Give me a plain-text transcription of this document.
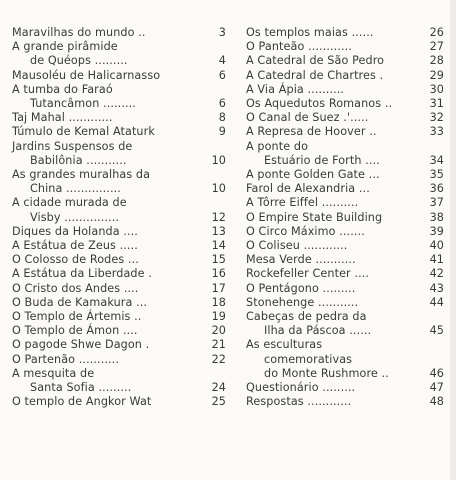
Maravilhas do mundo ..	3
A grande pirâmide
de Quéops .........	4
Mausoléu de Halicarnasso	6
A tumba do Faraó
Tutancâmon .........	6
Taj Mahal ............	8
Túmulo de Kemal Ataturk	9
Jardins Suspensos de
Babilônia ...........	10
As grandes muralhas da
China ...............	10
A cidade murada de
Visby ...............	12
Diques da Holanda ....	13
A Estátua de Zeus .....	14
O Colosso de Rodes ...	15
A Estátua da Liberdade .	16
O Cristo dos Andes ....	17
O Buda de Kamakura ...	18
O Templo de Ártemis ..	19
O Templo de Ámon ....	20
O pagode Shwe Dagon .	21
O Partenão ...........	22
A mesquita de
Santa Sofia .........	24
O templo de Angkor Wat	25
Os templos maias ......	26
O Panteão ............	27
A Catedral de São Pedro	28
A Catedral de Chartres .	29
A Via Ápia ..........	30
Os Aquedutos Romanos ..	31
O Canal de Suez .'.....	32
A Represa de Hoover ..	33
A ponte do
Estuário de Forth ....	34
A ponte Golden Gate ...	35
Farol de Alexandria ...	36
A Tôrre Eiffel ..........	37
O Empire State Building	38
O Circo Máximo .......	39
O Coliseu ............	40
Mesa Verde ...........	41
Rockefeller Center ....	42
O Pentágono .........	43
Stonehenge ...........	44
Cabeças de pedra da
Ilha da Páscoa ......	45
As esculturas
comemorativas
do Monte Rushmore ..	46
Questionário .........	47
Respostas ............	48
